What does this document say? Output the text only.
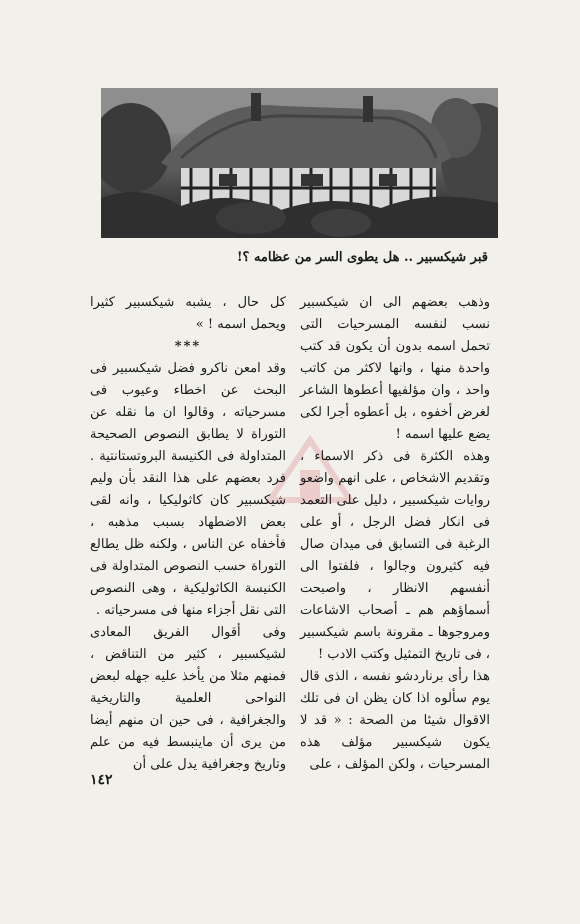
قبر شيكسبير .. هل يطوى السر من عظامه ؟!

وذهب بعضهم الى ان شيكسبير نسب لنفسه المسرحيات التى تحمل اسمه بدون أن يكون قد كتب واحدة منها ، وانها لاكثر من كاتب واحد ، وان مؤلفيها أعطوها الشاعر لغرض أخفوه ، بل أعطوه أجرا لكى يضع عليها اسمه !

وهذه الكثرة فى ذكر الاسماء ، وتقديم الاشخاص ، على انهم واضعو روايات شيكسبير ، دليل على التعمد فى انكار فضل الرجل ، أو على الرغبة فى التسابق فى ميدان صال فيه كثيرون وجالوا ، فلفتوا الى أنفسهم الانظار ، واصبحت أسماؤهم هم ـ أصحاب الاشاعات ومروجوها ـ مقرونة باسم شيكسبير ، فى تاريخ التمثيل وكتب الادب !

هذا رأى برناردشو نفسه ، الذى قال يوم سألوه اذا كان يظن ان فى تلك الاقوال شيئا من الصحة : « قد لا يكون شيكسبير مؤلف هذه المسرحيات ، ولكن المؤلف ، على

كل حال ، يشبه شيكسبير كثيرا ويحمل اسمه ! »

***

وقد امعن ناكرو فضل شيكسبير فى البحث عن اخطاء وعيوب فى مسرحياته ، وقالوا ان ما نقله عن التوراة لا يطابق النصوص الصحيحة المتداولة فى الكنيسة البروتستانتية . فرد بعضهم على هذا النقد بأن وليم شيكسبير كان كاثوليكيا ، وانه لقى بعض الاضطهاد بسبب مذهبه ، فأخفاه عن الناس ، ولكنه ظل يطالع التوراة حسب النصوص المتداولة فى الكنيسة الكاثوليكية ، وهى النصوص التى نقل أجزاء منها فى مسرحياته .

وفى أقوال الفريق المعادى لشيكسبير ، كثير من التناقض ، فمنهم مثلا من يأخذ عليه جهله لبعض النواحى العلمية والتاريخية والجغرافية ، فى حين ان منهم أيضا من يرى أن ماينبسط فيه من علم وتاريخ وجغرافية يدل على أن

١٤٢
